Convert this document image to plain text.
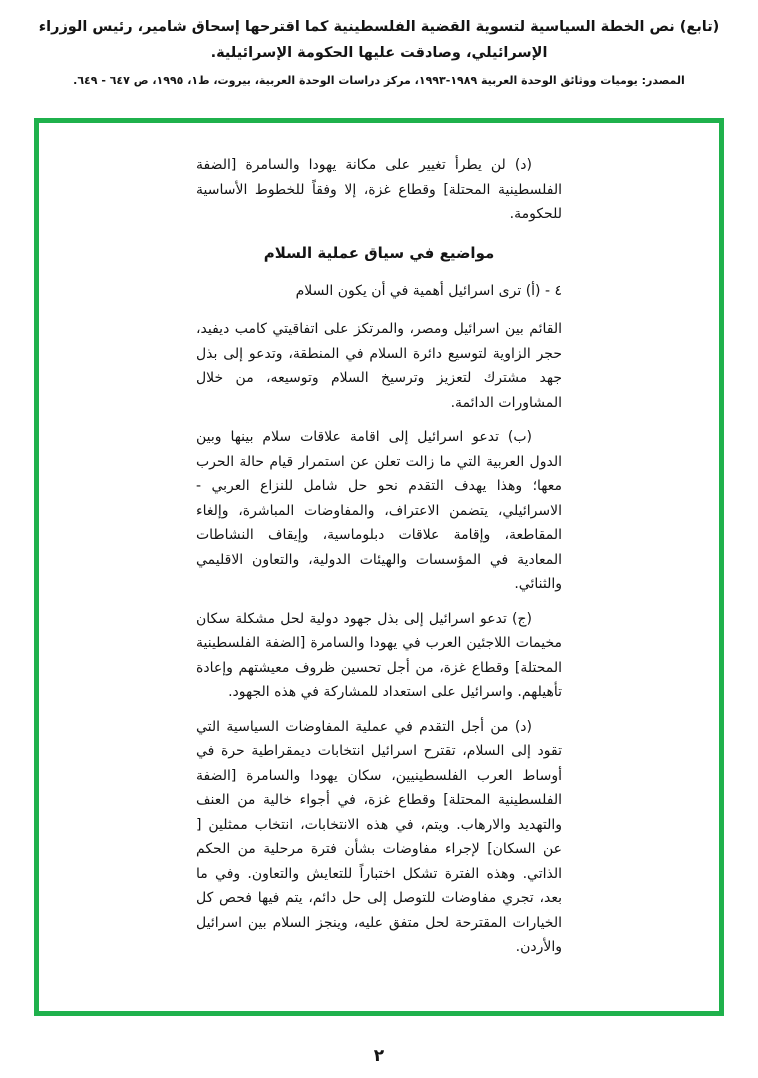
(تابع) نص الخطة السياسية لتسوية القضية الفلسطينية كما اقترحها إسحاق شامير، رئيس الوزراء الإسرائيلي، وصادقت عليها الحكومة الإسرائيلية.

المصدر: يوميات ووثائق الوحدة العربية ١٩٨٩-١٩٩٣، مركز دراسات الوحدة العربية، بيروت، ط١، ١٩٩٥، ص ٦٤٧ - ٦٤٩.

(د) لن يطرأ تغيير على مكانة يهودا والسامرة [الضفة الفلسطينية المحتلة] وقطاع غزة، إلا وفقاً للخطوط الأساسية للحكومة.

مواضيع في سياق عملية السلام

٤ - (أ) ترى اسرائيل أهمية في أن يكون السلام

القائم بين اسرائيل ومصر، والمرتكز على اتفاقيتي كامب ديفيد، حجر الزاوية لتوسيع دائرة السلام في المنطقة، وتدعو إلى بذل جهد مشترك لتعزيز وترسيخ السلام وتوسيعه، من خلال المشاورات الدائمة.

(ب) تدعو اسرائيل إلى اقامة علاقات سلام بينها وبين الدول العربية التي ما زالت تعلن عن استمرار قيام حالة الحرب معها؛ وهذا يهدف التقدم نحو حل شامل للنزاع العربي - الاسرائيلي، يتضمن الاعتراف، والمفاوضات المباشرة، وإلغاء المقاطعة، وإقامة علاقات دبلوماسية، وإيقاف النشاطات المعادية في المؤسسات والهيئات الدولية، والتعاون الاقليمي والثنائي.

(ج) تدعو اسرائيل إلى بذل جهود دولية لحل مشكلة سكان مخيمات اللاجئين العرب في يهودا والسامرة [الضفة الفلسطينية المحتلة] وقطاع غزة، من أجل تحسين ظروف معيشتهم وإعادة تأهيلهم. واسرائيل على استعداد للمشاركة في هذه الجهود.

(د) من أجل التقدم في عملية المفاوضات السياسية التي تقود إلى السلام، تقترح اسرائيل انتخابات ديمقراطية حرة في أوساط العرب الفلسطينيين، سكان يهودا والسامرة [الضفة الفلسطينية المحتلة] وقطاع غزة، في أجواء خالية من العنف والتهديد والارهاب. ويتم، في هذه الانتخابات، انتخاب ممثلين [ عن السكان] لإجراء مفاوضات بشأن فترة مرحلية من الحكم الذاتي. وهذه الفترة تشكل اختباراً للتعايش والتعاون. وفي ما بعد، تجري مفاوضات للتوصل إلى حل دائم، يتم فيها فحص كل الخيارات المقترحة لحل متفق عليه، وينجز السلام بين اسرائيل والأردن.

٢
